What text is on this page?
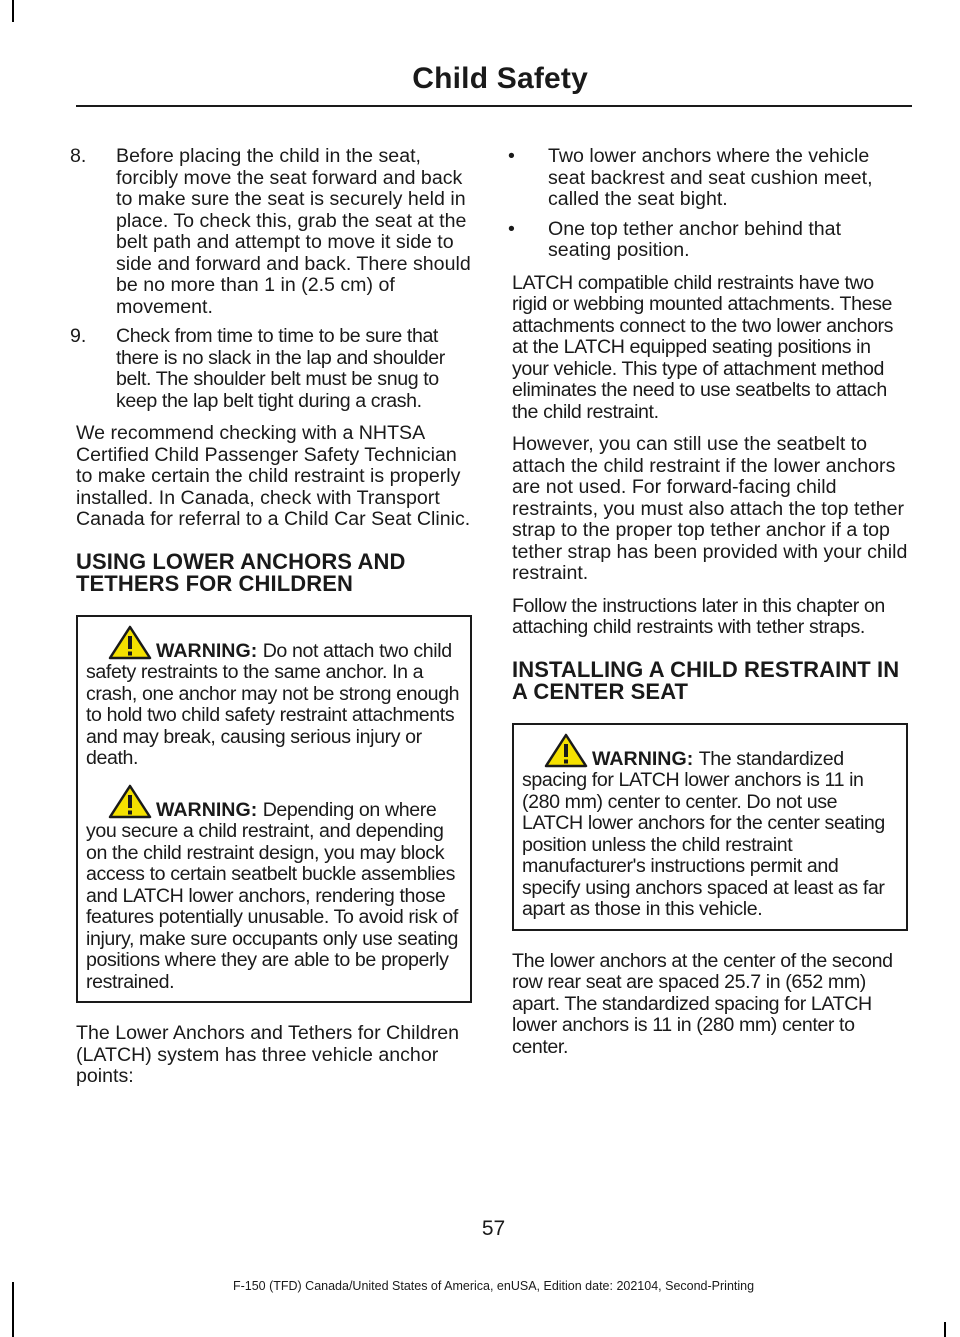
Child Safety
8. Before placing the child in the seat, forcibly move the seat forward and back to make sure the seat is securely held in place. To check this, grab the seat at the belt path and attempt to move it side to side and forward and back. There should be no more than 1 in (2.5 cm) of movement.
9. Check from time to time to be sure that there is no slack in the lap and shoulder belt. The shoulder belt must be snug to keep the lap belt tight during a crash.

We recommend checking with a NHTSA Certified Child Passenger Safety Technician to make certain the child restraint is properly installed. In Canada, check with Transport Canada for referral to a Child Car Seat Clinic.

USING LOWER ANCHORS AND TETHERS FOR CHILDREN

WARNING: Do not attach two child safety restraints to the same anchor. In a crash, one anchor may not be strong enough to hold two child safety restraint attachments and may break, causing serious injury or death.

WARNING: Depending on where you secure a child restraint, and depending on the child restraint design, you may block access to certain seatbelt buckle assemblies and LATCH lower anchors, rendering those features potentially unusable. To avoid risk of injury, make sure occupants only use seating positions where they are able to be properly restrained.

The Lower Anchors and Tethers for Children (LATCH) system has three vehicle anchor points:

• Two lower anchors where the vehicle seat backrest and seat cushion meet, called the seat bight.
• One top tether anchor behind that seating position.

LATCH compatible child restraints have two rigid or webbing mounted attachments. These attachments connect to the two lower anchors at the LATCH equipped seating positions in your vehicle. This type of attachment method eliminates the need to use seatbelts to attach the child restraint.

However, you can still use the seatbelt to attach the child restraint if the lower anchors are not used. For forward-facing child restraints, you must also attach the top tether strap to the proper top tether anchor if a top tether strap has been provided with your child restraint.

Follow the instructions later in this chapter on attaching child restraints with tether straps.

INSTALLING A CHILD RESTRAINT IN A CENTER SEAT

WARNING: The standardized spacing for LATCH lower anchors is 11 in (280 mm) center to center. Do not use LATCH lower anchors for the center seating position unless the child restraint manufacturer's instructions permit and specify using anchors spaced at least as far apart as those in this vehicle.

The lower anchors at the center of the second row rear seat are spaced 25.7 in (652 mm) apart. The standardized spacing for LATCH lower anchors is 11 in (280 mm) center to center.

57

F-150 (TFD) Canada/United States of America, enUSA, Edition date: 202104, Second-Printing
